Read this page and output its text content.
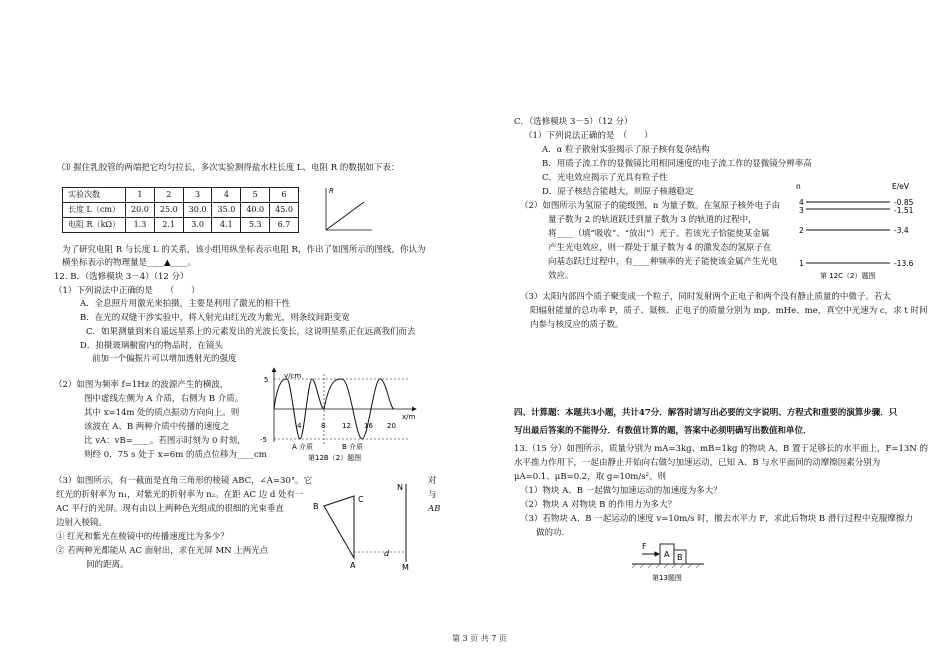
⑶ 握住乳胶管的两端把它均匀拉长，多次实验测得盐水柱长度 L、电阻 R 的数据如下表：
实验次数	1	2	3	4	5	6
长度 L（cm）	20.0	25.0	30.0	35.0	40.0	45.0
电阻 R（kΩ）	1.3	2.1	3.0	4.1	5.3	6.7
R
为了研究电阻 R 与长度 L 的关系，该小组用纵坐标表示电阻 R，作出了如图所示的图线，你认为
横坐标表示的物理量是____▲____。
12. B．（选修模块 3－4）（12 分）
（1）下列说法中正确的是　　（　　）
A．全息照片用激光来拍摄，主要是利用了激光的相干性
B．在光的双缝干涉实验中，将入射光由红光改为紫光，则条纹间距变宽
C．如果测量到来自遥远星系上的元素发出的光波长变长，这说明星系正在远离我们而去
D．拍摄玻璃橱窗内的物品时，在镜头
前加一个偏振片可以增加透射光的强度
（2）如图为频率 f=1Hz 的波源产生的横波，
图中虚线左侧为 A 介质，右侧为 B 介质。
其中 x=14m 处的质点振动方向向上。则
该波在 A、B 两种介质中传播的速度之
比 vA：vB=____。若图示时刻为 0 时刻，
则经 0．75 s 处于 x=6m 的质点位移为____cm
y/cm
x/m
5
-5
4	8 12 16 20
A 介质	B 介质
第12B（2）题图
（3）如图所示，有一截面是直角三角形的棱镜 ABC，∠A=30°。它
红光的折射率为 n₁，对紫光的折射率为 n₂。在距 AC 边 d 处有一
AC 平行的光屏。现有由以上两种色光组成的很细的光束垂直
边射入棱镜。
① 红光和紫光在棱镜中的传播速度比为多少？
② 若两种光都能从 AC 面射出，求在光屏 MN 上两光点
间的距离。
对
与
AB
B
C
A
N
M
d
C．（选修模块 3－5）（12 分）
（1）下列说法正确的是　（　　）
A．α 粒子散射实验揭示了原子核有复杂结构
B．用质子流工作的显微镜比用相同速度的电子流工作的显微镜分辨率高
C．光电效应揭示了光具有粒子性
D．原子核结合能越大，则原子核越稳定
（2）如图所示为氢原子的能级图，n 为量子数。在氢原子核外电子由
量子数为 2 的轨道跃迁到量子数为 3 的轨道的过程中，
将____（填“吸收”、“放出”）光子。若该光子恰能使某金属
产生光电效应，则一群处于量子数为 4 的激发态的氢原子在
向基态跃迁过程中，有____种频率的光子能使该金属产生光电
效应。
n	E/eV
4
3
2
1
-0.85
-1.51
-3.4
-13.6
第 12C（2）题图
（3）太阳内部四个质子聚变成一个粒子，同时发射两个正电子和两个没有静止质量的中微子。若太
阳辐射能量的总功率 P，质子、氦核、正电子的质量分别为 mp、mHe、me，真空中光速为 c，求 t 时间
内参与核反应的质子数。
四、计算题：本题共3小题，共计47分．解答时请写出必要的文字说明、方程式和重要的演算步骤．只
写出最后答案的不能得分．有数值计算的题，答案中必须明确写出数值和单位．
13.（15 分）如图所示，质量分别为 mA=3kg、mB=1kg 的物块 A、B 置于足够长的水平面上，F=13N 的
水平推力作用下，一起由静止开始向右做匀加速运动，已知 A、B 与水平面间的动摩擦因素分别为
μA=0.1、μB=0.2，取 g=10m/s²。则
（1）物块 A、B 一起做匀加速运动的加速度为多大？
（2）物块 A 对物块 B 的作用力为多大？
（3）若物块 A、B 一起运动的速度 v=10m/s 时，撤去水平力 F，求此后物块 B 滑行过程中克服摩擦力
做的功.
F
A B
第13题图
第 3 页 共 7 页
